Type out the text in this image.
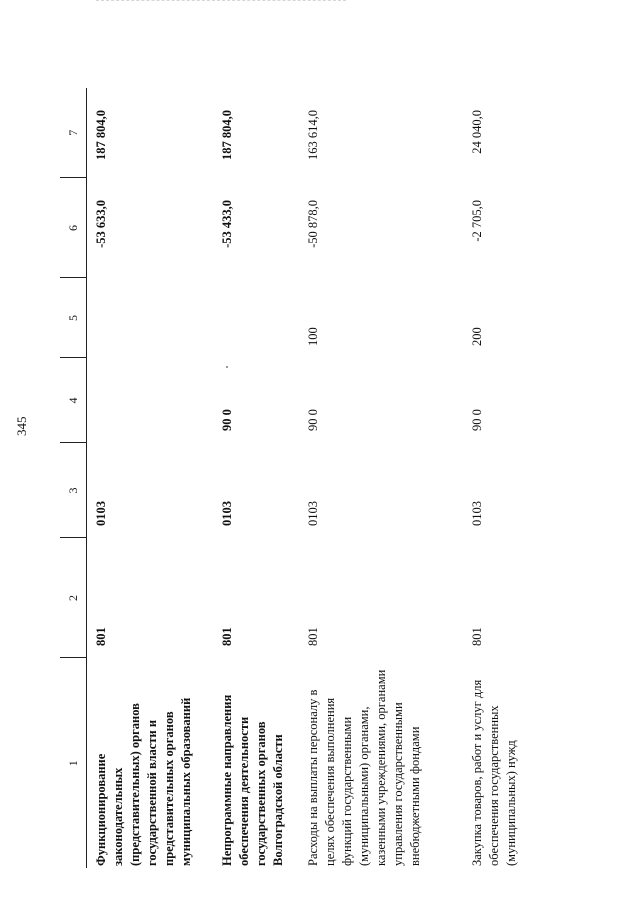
345
1	2	3	4	5	6	7
Функционирование законодательных (представительных) органов государственной власти и представительных органов муниципальных образований	801	0103			-53 633,0	187 804,0
Непрограммные направления обеспечения деятельности государственных органов Волгоградской области	801	0103	90 0		-53 433,0	187 804,0
Расходы на выплаты персоналу в целях обеспечения выполнения функций государственными (муниципальными) органами, казенными учреждениями, органами управления государственными внебюджетными фондами	801	0103	90 0	100	-50 878,0	163 614,0
Закупка товаров, работ и услуг для обеспечения государственных (муниципальных) нужд	801	0103	90 0	200	-2 705,0	24 040,0
